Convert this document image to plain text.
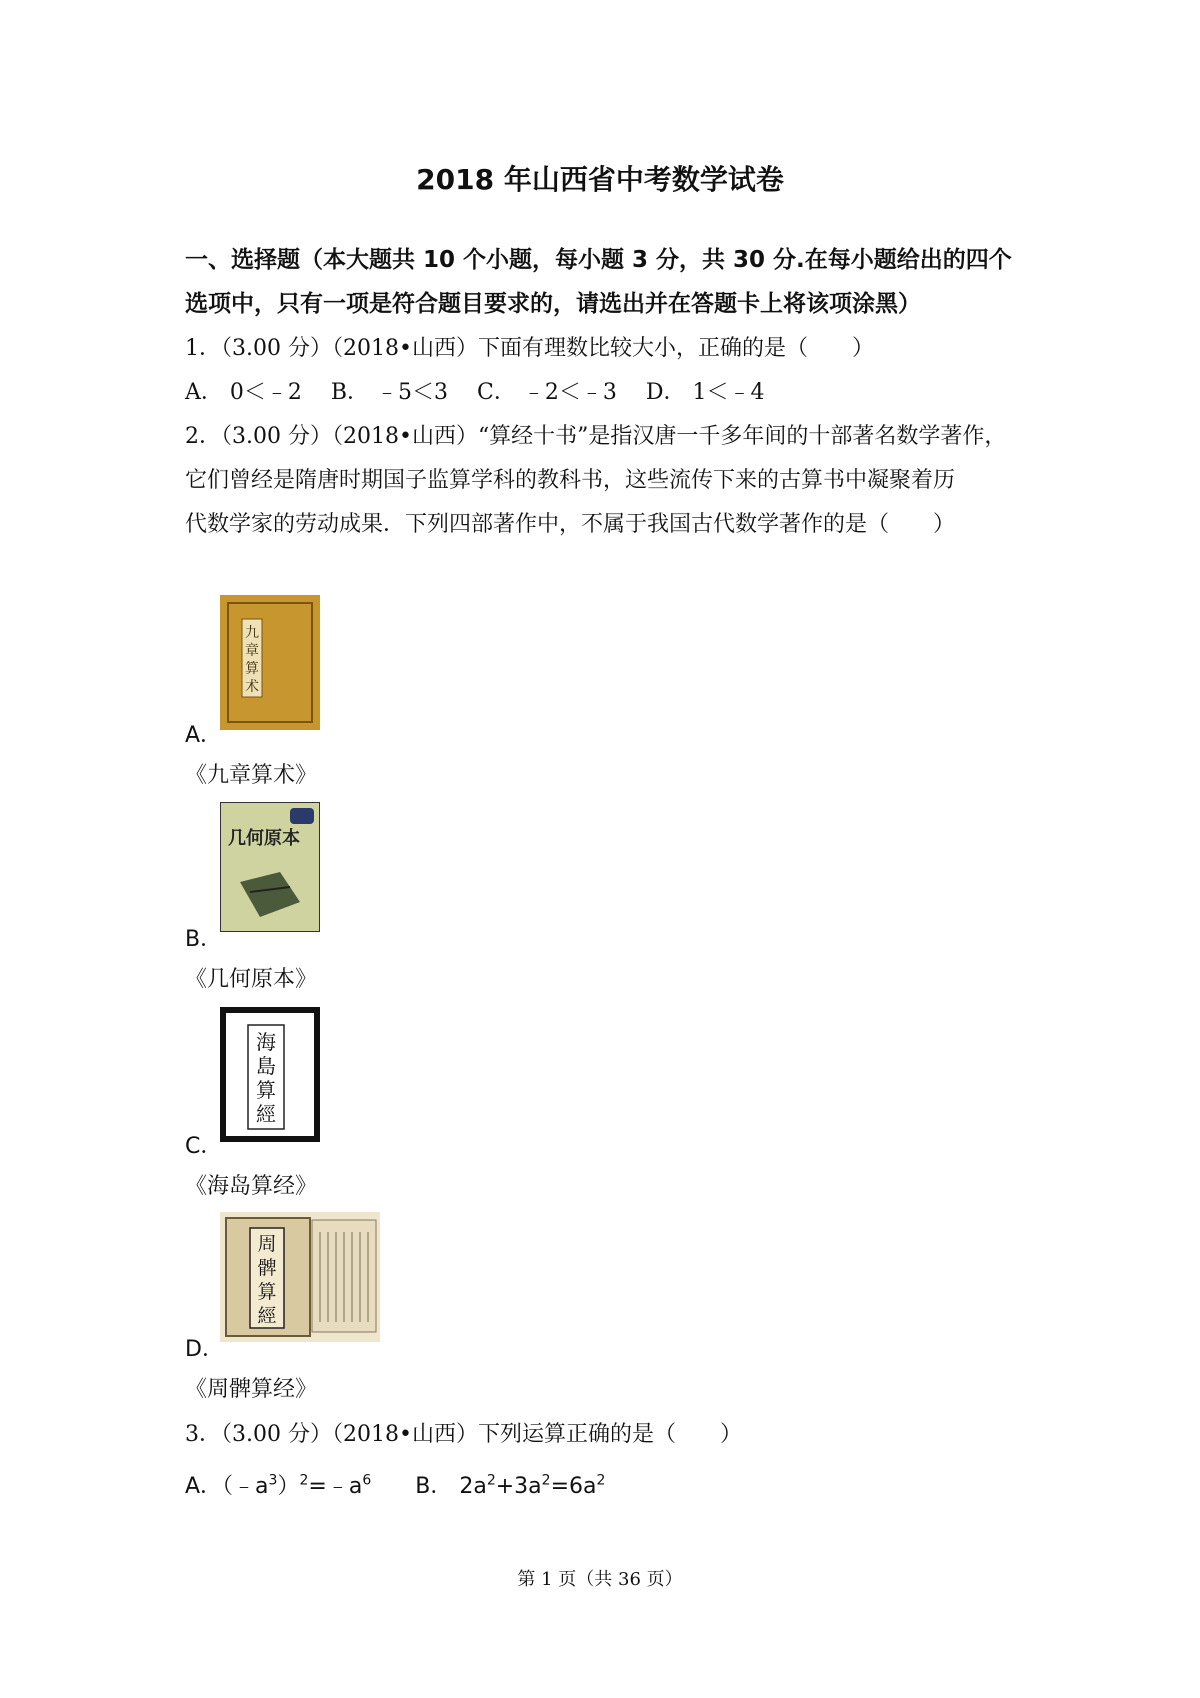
2018 年山西省中考数学试卷
一、选择题（本大题共 10 个小题，每小题 3 分，共 30 分.在每小题给出的四个
选项中，只有一项是符合题目要求的，请选出并在答题卡上将该项涂黑）
1．（3.00 分）（2018•山西）下面有理数比较大小，正确的是（　　）
A． 0＜﹣2 B． ﹣5＜3 C． ﹣2＜﹣3 D． 1＜﹣4
2．（3.00 分）（2018•山西）“算经十书”是指汉唐一千多年间的十部著名数学著作，
它们曾经是隋唐时期国子监算学科的教科书，这些流传下来的古算书中凝聚着历
代数学家的劳动成果．下列四部著作中，不属于我国古代数学著作的是（　　）
九
章
算
术
A．
《九章算术》
几何原本
B．
《几何原本》
海
島
算
經
C．
《海岛算经》
周
髀
算
經
D．
《周髀算经》
3．（3.00 分）（2018•山西）下列运算正确的是（　　）
A．$(﹣a^3)^2=﹣a^6$ B． $2a^2+3a^2=6a^2$
第 1 页（共 36 页）
